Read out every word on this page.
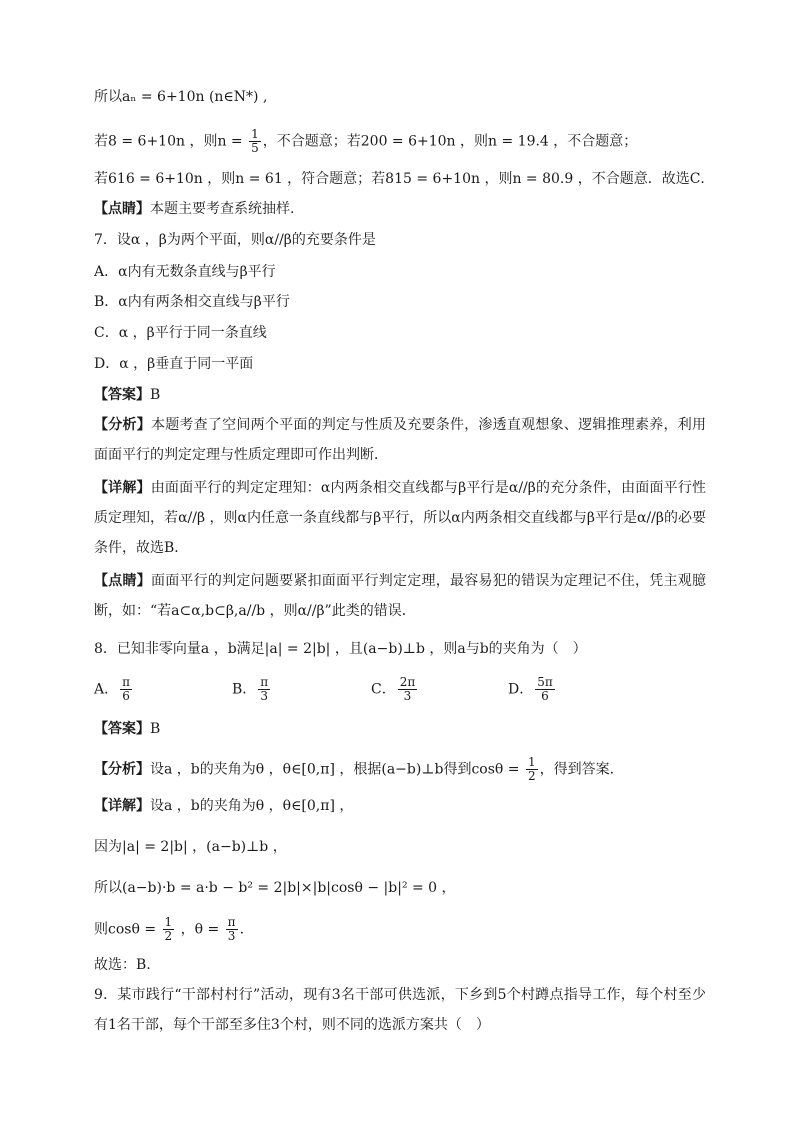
所以aₙ = 6+10n (n∈N*) ,
若8 = 6+10n ，则$n = \frac{1}{5}$ ，不合题意；若200 = 6+10n ，则n = 19.4 ，不合题意；
若616 = 6+10n ，则n = 61 ，符合题意；若815 = 6+10n ，则n = 80.9 ，不合题意．故选C．
【点睛】本题主要考查系统抽样.
7．设α ，β为两个平面，则α//β的充要条件是
A．α内有无数条直线与β平行
B．α内有两条相交直线与β平行
C．α ，β平行于同一条直线
D．α ，β垂直于同一平面
【答案】B
【分析】本题考查了空间两个平面的判定与性质及充要条件，渗透直观想象、逻辑推理素养，利用面面平行的判定定理与性质定理即可作出判断．
【详解】由面面平行的判定定理知：α内两条相交直线都与β平行是α//β的充分条件，由面面平行性质定理知，若α//β ，则α内任意一条直线都与β平行，所以α内两条相交直线都与β平行是α//β的必要条件，故选B．
【点睛】面面平行的判定问题要紧扣面面平行判定定理，最容易犯的错误为定理记不住，凭主观臆断，如：“若a⊂α,b⊂β,a//b ，则α//β”此类的错误．
8．已知非零向量a ，b满足|a| = 2|b| ，且(a−b)⊥b ，则a与b的夹角为（　）
A． $\frac{\pi}{6}$	B． $\frac{\pi}{3}$	C． $\frac{2\pi}{3}$	D． $\frac{5\pi}{6}$
【答案】B
【分析】设a ，b的夹角为θ ，θ∈[0,π] ，根据(a−b)⊥b得到$\cos\theta = \frac{1}{2}$ ，得到答案.
【详解】设a ，b的夹角为θ ，θ∈[0,π] ，
因为|a| = 2|b| ，(a−b)⊥b ，
所以(a−b)·b = a·b − b² = 2|b|×|b|cosθ − |b|² = 0 ，
则$\cos\theta = \frac{1}{2}$ ，$\theta = \frac{\pi}{3}$ .
故选：B.
9．某市践行“干部村村行”活动，现有3名干部可供选派，下乡到5个村蹲点指导工作，每个村至少有1名干部，每个干部至多住3个村，则不同的选派方案共（　）
